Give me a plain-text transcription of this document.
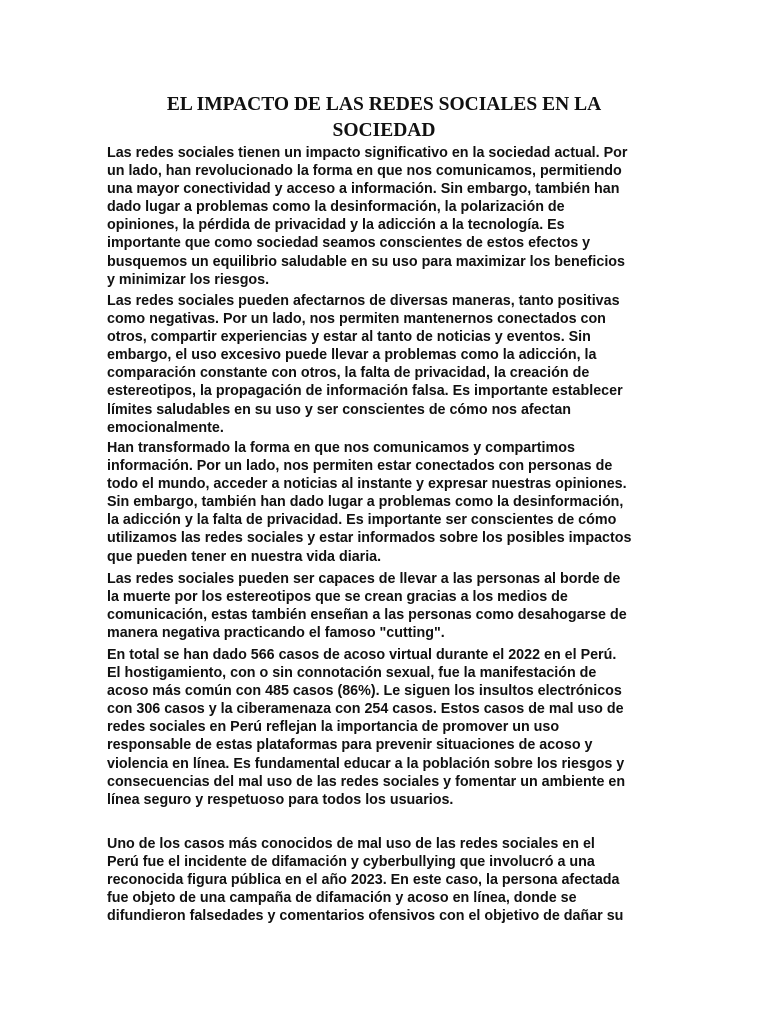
EL IMPACTO DE LAS REDES SOCIALES EN LA
SOCIEDAD

Las redes sociales tienen un impacto significativo en la sociedad actual. Por
un lado, han revolucionado la forma en que nos comunicamos, permitiendo
una mayor conectividad y acceso a información. Sin embargo, también han
dado lugar a problemas como la desinformación, la polarización de
opiniones, la pérdida de privacidad y la adicción a la tecnología. Es
importante que como sociedad seamos conscientes de estos efectos y
busquemos un equilibrio saludable en su uso para maximizar los beneficios
y minimizar los riesgos.

Las redes sociales pueden afectarnos de diversas maneras, tanto positivas
como negativas. Por un lado, nos permiten mantenernos conectados con
otros, compartir experiencias y estar al tanto de noticias y eventos. Sin
embargo, el uso excesivo puede llevar a problemas como la adicción, la
comparación constante con otros, la falta de privacidad, la creación de
estereotipos, la propagación de información falsa. Es importante establecer
límites saludables en su uso y ser conscientes de cómo nos afectan
emocionalmente.

Han transformado la forma en que nos comunicamos y compartimos
información. Por un lado, nos permiten estar conectados con personas de
todo el mundo, acceder a noticias al instante y expresar nuestras opiniones.
Sin embargo, también han dado lugar a problemas como la desinformación,
la adicción y la falta de privacidad. Es importante ser conscientes de cómo
utilizamos las redes sociales y estar informados sobre los posibles impactos
que pueden tener en nuestra vida diaria.

Las redes sociales pueden ser capaces de llevar a las personas al borde de
la muerte por los estereotipos que se crean gracias a los medios de
comunicación, estas también enseñan a las personas como desahogarse de
manera negativa practicando el famoso "cutting".

En total se han dado 566 casos de acoso virtual durante el 2022 en el Perú.
El hostigamiento, con o sin connotación sexual, fue la manifestación de
acoso más común con 485 casos (86%). Le siguen los insultos electrónicos
con 306 casos y la ciberamenaza con 254 casos. Estos casos de mal uso de
redes sociales en Perú reflejan la importancia de promover un uso
responsable de estas plataformas para prevenir situaciones de acoso y
violencia en línea. Es fundamental educar a la población sobre los riesgos y
consecuencias del mal uso de las redes sociales y fomentar un ambiente en
línea seguro y respetuoso para todos los usuarios.

Uno de los casos más conocidos de mal uso de las redes sociales en el
Perú fue el incidente de difamación y cyberbullying que involucró a una
reconocida figura pública en el año 2023. En este caso, la persona afectada
fue objeto de una campaña de difamación y acoso en línea, donde se
difundieron falsedades y comentarios ofensivos con el objetivo de dañar su
